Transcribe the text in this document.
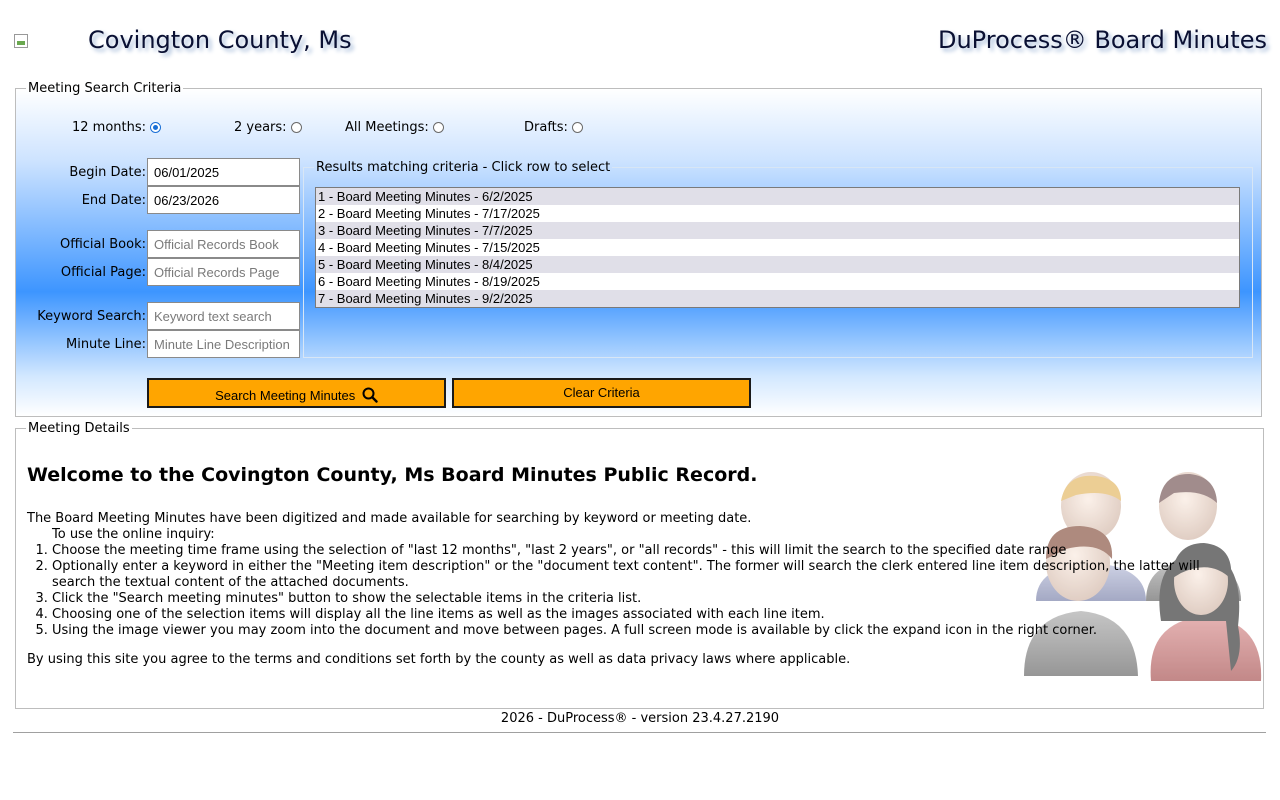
Covington County, Ms	DuProcess® Board Minutes
Meeting Search Criteria
12 months:	2 years:	All Meetings:	Drafts:
Begin Date:
06/01/2025
End Date:
06/23/2026
Official Book:
Official Records Book
Official Page:
Official Records Page
Keyword Search:
Keyword text search
Minute Line:
Minute Line Description
Results matching criteria - Click row to select
1 - Board Meeting Minutes - 6/2/2025
2 - Board Meeting Minutes - 7/17/2025
3 - Board Meeting Minutes - 7/7/2025
4 - Board Meeting Minutes - 7/15/2025
5 - Board Meeting Minutes - 8/4/2025
6 - Board Meeting Minutes - 8/19/2025
7 - Board Meeting Minutes - 9/2/2025
Search Meeting Minutes	Clear Criteria
Meeting Details
Welcome to the Covington County, Ms Board Minutes Public Record.

The Board Meeting Minutes have been digitized and made available for searching by keyword or meeting date.

To use the online inquiry:

1. Choose the meeting time frame using the selection of "last 12 months", "last 2 years", or "all records" - this will limit the search to the specified date range
2. Optionally enter a keyword in either the "Meeting item description" or the "document text content". The former will search the clerk entered line item description, the latter will search the textual content of the attached documents.
3. Click the "Search meeting minutes" button to show the selectable items in the criteria list.
4. Choosing one of the selection items will display all the line items as well as the images associated with each line item.
5. Using the image viewer you may zoom into the document and move between pages. A full screen mode is available by click the expand icon in the right corner.

By using this site you agree to the terms and conditions set forth by the county as well as data privacy laws where applicable.

2026 - DuProcess® - version 23.4.27.2190
